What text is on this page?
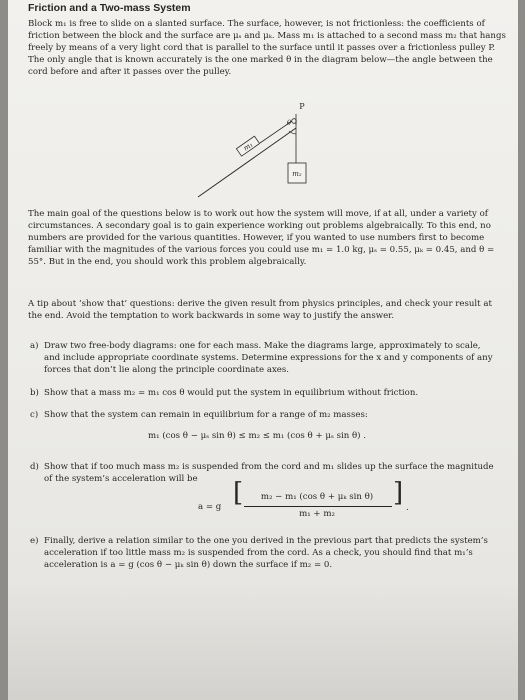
Friction and a Two-mass System
Block m₁ is free to slide on a slanted surface. The surface, however, is not frictionless: the coefficients of friction between the block and the surface are μₛ and μₖ. Mass m₁ is attached to a second mass m₂ that hangs freely by means of a very light cord that is parallel to the surface until it passes over a frictionless pulley P. The only angle that is known accurately is the one marked θ in the diagram below—the angle between the cord before and after it passes over the pulley.
m₁
m₂
P
θ
The main goal of the questions below is to work out how the system will move, if at all, under a variety of circumstances. A secondary goal is to gain experience working out problems algebraically. To this end, no numbers are provided for the various quantities. However, if you wanted to use numbers first to become familiar with the magnitudes of the various forces you could use m₁ = 1.0 kg, μₛ = 0.55, μₖ = 0.45, and θ = 55°. But in the end, you should work this problem algebraically.
A tip about ‘show that’ questions: derive the given result from physics principles, and check your result at the end. Avoid the temptation to work backwards in some way to justify the answer.
a) Draw two free-body diagrams: one for each mass. Make the diagrams large, approximately to scale, and include appropriate coordinate systems. Determine expressions for the x and y components of any forces that don’t lie along the principle coordinate axes.
b) Show that a mass m₂ = m₁ cos θ would put the system in equilibrium without friction.
c) Show that the system can remain in equilibrium for a range of m₂ masses:
m₁ (cos θ − μₛ sin θ) ≤ m₂ ≤ m₁ (cos θ + μₛ sin θ) .
d) Show that if too much mass m₂ is suspended from the cord and m₁ slides up the surface the magnitude of the system’s acceleration will be
a = g [	m₂ − m₁ (cos θ + μₖ sin θ)
m₁ + m₂
] .
e) Finally, derive a relation similar to the one you derived in the previous part that predicts the system’s acceleration if too little mass m₂ is suspended from the cord. As a check, you should find that m₁’s acceleration is a = g (cos θ − μₖ sin θ) down the surface if m₂ = 0.
